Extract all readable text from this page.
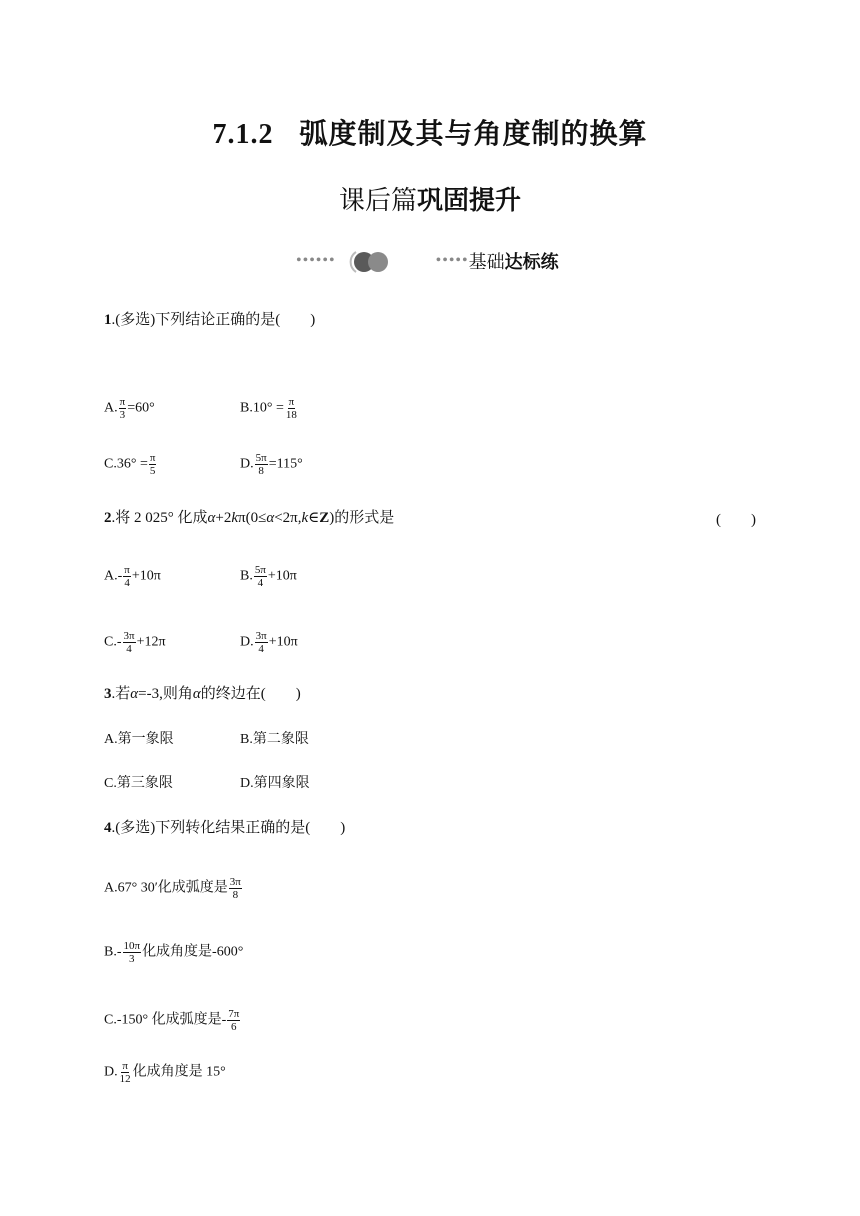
7.1.2 弧度制及其与角度制的换算
课后篇巩固提升
••••••	••••• 基础达标练
1.(多选)下列结论正确的是(　　)
A. $\frac{\pi}{3} =60^\circ$	$B.10^\circ = \frac{\pi}{18}$
$C.36^\circ = \frac{\pi}{5}$	D. $\frac{5\pi}{8} =115^\circ$
2.将 2 025° 化成α+2kπ(0≤α<2π,k∈Z)的形式是	(　　)
$A.- \frac{\pi}{4} +10\pi$	B. $\frac{5\pi}{4} +10\pi$
$C.- \frac{3\pi}{4} +12\pi$	D. $\frac{3\pi}{4} +10\pi$
3.若α=-3,则角α的终边在(　　)
A.第一象限	B.第二象限
C.第三象限	D.第四象限
4.(多选)下列转化结果正确的是(　　)
A.67° 30′化成弧度是 $\frac{3\pi}{8}$
$B.- \frac{10\pi}{3}$ 化成角度是-600°
C.-150° 化成弧度是- $\frac{7\pi}{6}$
D. $\frac{\pi}{12}$ 化成角度是 15°
